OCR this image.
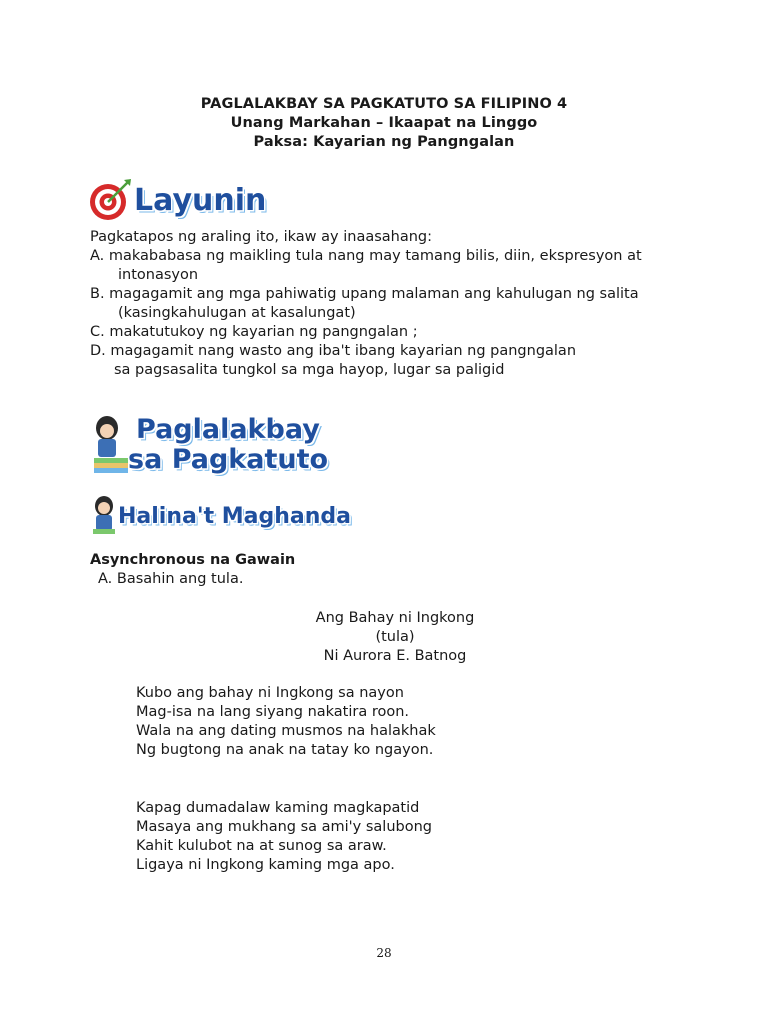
PAGLALAKBAY SA PAGKATUTO SA FILIPINO 4
Unang Markahan – Ikaapat na Linggo
Paksa: Kayarian ng Pangngalan
Layunin
Pagkatapos ng araling ito, ikaw ay inaasahang:
A. makababasa ng maikling tula nang may tamang bilis, diin, ekspresyon at
intonasyon
B. magagamit ang mga pahiwatig upang malaman ang kahulugan ng salita
(kasingkahulugan at kasalungat)
C. makatutukoy ng kayarian ng pangngalan ;
D. magagamit nang wasto ang iba't ibang kayarian ng pangngalan
sa pagsasalita tungkol sa mga hayop, lugar sa paligid
Paglalakbay
sa Pagkatuto
Halina't Maghanda
Asynchronous na Gawain
A. Basahin ang tula.
Ang Bahay ni Ingkong
(tula)
Ni Aurora E. Batnog
Kubo ang bahay ni Ingkong sa nayon
Mag-isa na lang siyang nakatira roon.
Wala na ang dating musmos na halakhak
Ng bugtong na anak na tatay ko ngayon.
Kapag dumadalaw kaming magkapatid
Masaya ang mukhang sa ami'y salubong
Kahit kulubot na at sunog sa araw.
Ligaya ni Ingkong kaming mga apo.
28
